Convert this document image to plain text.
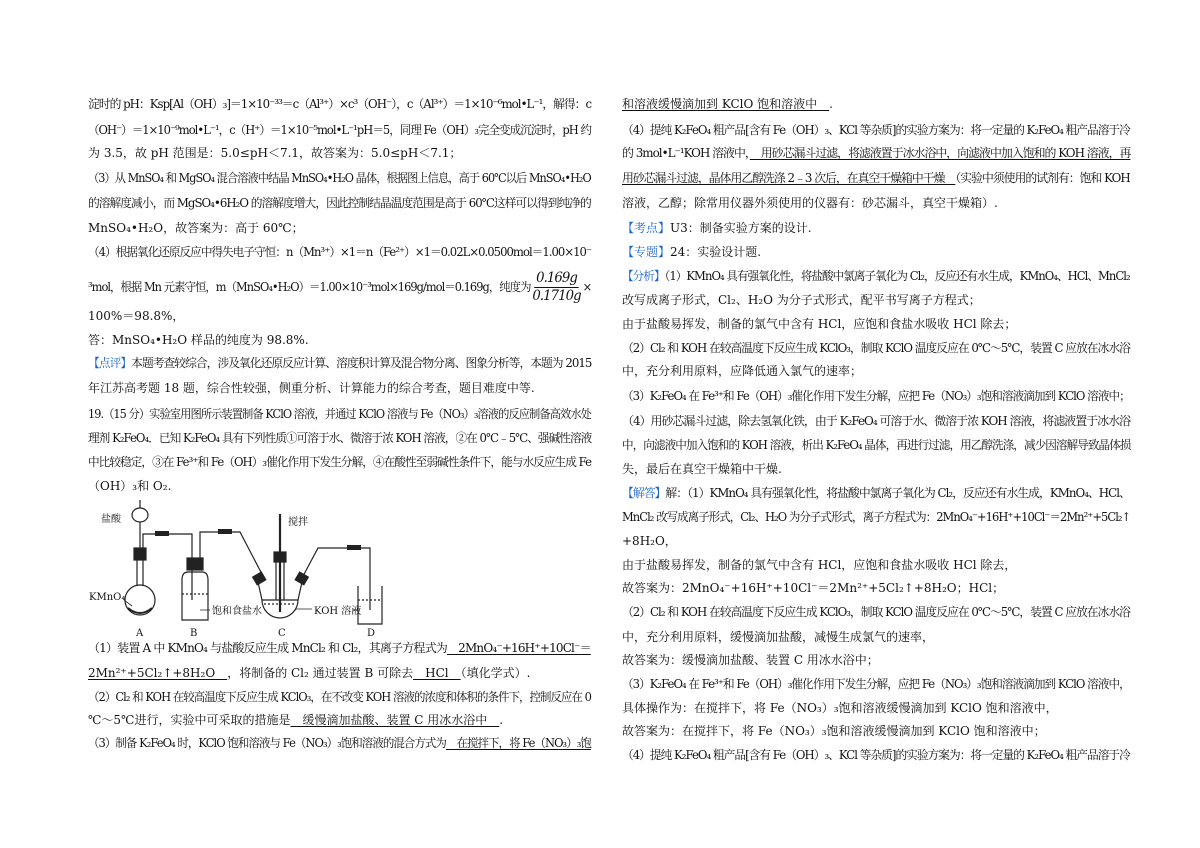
淀时的 pH：Ksp[Al（OH）₃]＝1×10⁻³³＝c（Al³⁺）×c³（OH⁻），c（Al³⁺）＝1×10⁻⁶mol•L⁻¹，解得：c
（OH⁻）＝1×10⁻⁹mol•L⁻¹，c（H⁺）＝1×10⁻⁵mol•L⁻¹pH＝5，同理 Fe（OH）₃完全变成沉淀时，pH 约
为 3.5，故 pH 范围是：5.0≤pH＜7.1，故答案为：5.0≤pH＜7.1；
（3）从 MnSO₄ 和 MgSO₄ 混合溶液中结晶 MnSO₄•H₂O 晶体，根据图上信息，高于 60℃以后 MnSO₄•H₂O
的溶解度减小，而 MgSO₄•6H₂O 的溶解度增大，因此控制结晶温度范围是高于 60℃这样可以得到纯净的
MnSO₄•H₂O，故答案为：高于 60℃；
（4）根据氧化还原反应中得失电子守恒：n（Mn³⁺）×1＝n（Fe²⁺）×1＝0.02L×0.0500mol＝1.00×10⁻
³mol，根据 Mn 元素守恒，m（MnSO₄•H₂O）＝1.00×10⁻³mol×169g/mol＝0.169g，纯度为 $\frac{0.169g}{0.1710g}$ ×
100%＝98.8%，
答：MnSO₄•H₂O 样品的纯度为 98.8%.
【点评】本题考查较综合，涉及氧化还原反应计算、溶度积计算及混合物分离、图象分析等，本题为 2015
年江苏高考题 18 题，综合性较强，侧重分析、计算能力的综合考查，题目难度中等.
19.（15 分）实验室用图所示装置制备 KClO 溶液，并通过 KClO 溶液与 Fe（NO₃）₃溶液的反应制备高效水处
理剂 K₂FeO₄．已知 K₂FeO₄ 具有下列性质①可溶于水、微溶于浓 KOH 溶液，②在 0℃﹣5℃、强碱性溶液
中比较稳定，③在 Fe³⁺和 Fe（OH）₃催化作用下发生分解，④在酸性至弱碱性条件下，能与水反应生成 Fe
（OH）₃和 O₂.
（1）装置 A 中 KMnO₄ 与盐酸反应生成 MnCl₂ 和 Cl₂，其离子方程式为　2MnO₄⁻+16H⁺+10Cl⁻＝
2Mn²⁺+5Cl₂↑+8H₂O　，将制备的 Cl₂ 通过装置 B 可除去　HCl　（填化学式）.
（2）Cl₂ 和 KOH 在较高温度下反应生成 KClO₃，在不改变 KOH 溶液的浓度和体积的条件下，控制反应在 0
℃～5℃进行，实验中可采取的措施是　缓慢滴加盐酸、装置 C 用冰水浴中　.
（3）制备 K₂FeO₄ 时，KClO 饱和溶液与 Fe（NO₃）₃饱和溶液的混合方式为　在搅拌下，将 Fe（NO₃）₃饱
和溶液缓慢滴加到 KClO 饱和溶液中　.
（4）提纯 K₂FeO₄ 粗产品[含有 Fe（OH）₃、KCl 等杂质]的实验方案为：将一定量的 K₂FeO₄ 粗产品溶于冷
的 3mol•L⁻¹KOH 溶液中，　用砂芯漏斗过滤，将滤液置于冰水浴中，向滤液中加入饱和的 KOH 溶液，再
用砂芯漏斗过滤，晶体用乙醇洗涤 2﹣3 次后，在真空干燥箱中干燥　（实验中须使用的试剂有：饱和 KOH
溶液，乙醇；除常用仪器外须使用的仪器有：砂芯漏斗，真空干燥箱）.
【考点】U3：制备实验方案的设计.
【专题】24：实验设计题.
【分析】（1）KMnO₄ 具有强氧化性，将盐酸中氯离子氧化为 Cl₂，反应还有水生成，KMnO₄、HCl、MnCl₂
改写成离子形式，Cl₂、H₂O 为分子式形式，配平书写离子方程式；
由于盐酸易挥发，制备的氯气中含有 HCl，应饱和食盐水吸收 HCl 除去；
（2）Cl₂ 和 KOH 在较高温度下反应生成 KClO₃，制取 KClO 温度反应在 0℃～5℃，装置 C 应放在冰水浴
中，充分利用原料，应降低通入氯气的速率；
（3）K₂FeO₄ 在 Fe³⁺和 Fe（OH）₃催化作用下发生分解，应把 Fe（NO₃）₃饱和溶液滴加到 KClO 溶液中；
（4）用砂芯漏斗过滤，除去氢氧化铁，由于 K₂FeO₄ 可溶于水、微溶于浓 KOH 溶液，将滤液置于冰水浴
中，向滤液中加入饱和的 KOH 溶液，析出 K₂FeO₄ 晶体，再进行过滤，用乙醇洗涤，减少因溶解导致晶体损
失，最后在真空干燥箱中干燥.
【解答】解：（1）KMnO₄ 具有强氧化性，将盐酸中氯离子氧化为 Cl₂，反应还有水生成，KMnO₄、HCl、
MnCl₂ 改写成离子形式，Cl₂、H₂O 为分子式形式，离子方程式为：2MnO₄⁻+16H⁺+10Cl⁻＝2Mn²⁺+5Cl₂↑
+8H₂O，
由于盐酸易挥发，制备的氯气中含有 HCl，应饱和食盐水吸收 HCl 除去，
故答案为：2MnO₄⁻+16H⁺+10Cl⁻＝2Mn²⁺+5Cl₂↑+8H₂O；HCl；
（2）Cl₂ 和 KOH 在较高温度下反应生成 KClO₃，制取 KClO 温度反应在 0℃～5℃，装置 C 应放在冰水浴
中，充分利用原料，缓慢滴加盐酸，减慢生成氯气的速率，
故答案为：缓慢滴加盐酸、装置 C 用冰水浴中；
（3）K₂FeO₄ 在 Fe³⁺和 Fe（OH）₃催化作用下发生分解，应把 Fe（NO₃）₃饱和溶液滴加到 KClO 溶液中，
具体操作为：在搅拌下，将 Fe（NO₃）₃饱和溶液缓慢滴加到 KClO 饱和溶液中，
故答案为：在搅拌下，将 Fe（NO₃）₃饱和溶液缓慢滴加到 KClO 饱和溶液中；
（4）提纯 K₂FeO₄ 粗产品[含有 Fe（OH）₃、KCl 等杂质]的实验方案为：将一定量的 K₂FeO₄ 粗产品溶于冷
盐酸
KMnO₄
饱和食盐水
搅拌
KOH 溶液
A	B	C	D
